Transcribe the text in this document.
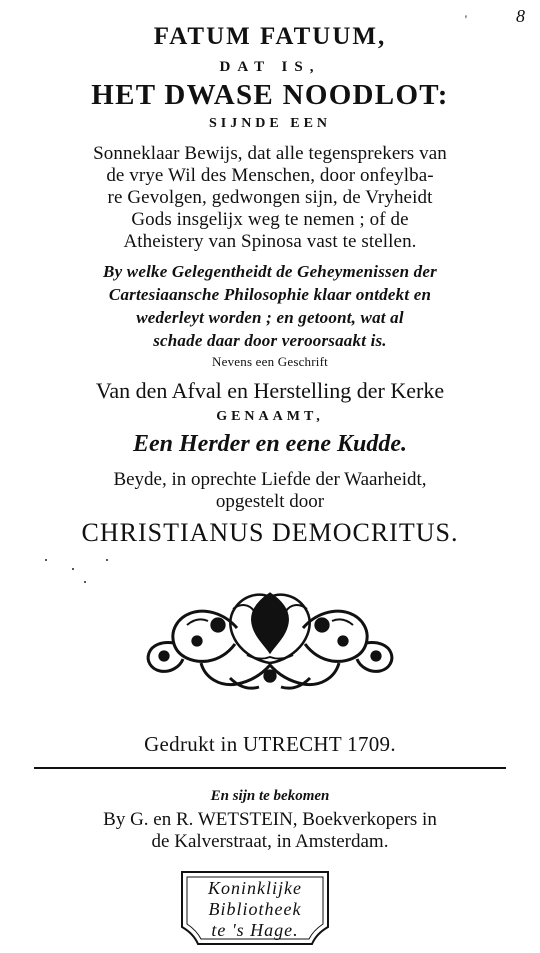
8
'
FATUM FATUUM,
DAT IS,
HET DWASE NOODLOT:
SIJNDE EEN
Sonneklaar Bewijs, dat alle tegensprekers van
de vrye Wil des Menschen, door onfeylba-
re Gevolgen, gedwongen sijn, de Vryheidt
Gods insgelijx weg te nemen ; of de
Atheistery van Spinosa vast te stellen.
By welke Gelegentheidt de Geheymenissen der
Cartesiaansche Philosophie klaar ontdekt en
wederleyt worden ; en getoont, wat al
schade daar door veroorsaakt is.
Nevens een Geschrift
Van den Afval en Herstelling der Kerke
GENAAMT,
Een Herder en eene Kudde.
Beyde, in oprechte Liefde der Waarheidt,
opgestelt door
CHRISTIANUS DEMOCRITUS.
Gedrukt in UTRECHT 1709.
En sijn te bekomen
By G. en R. WETSTEIN, Boekverkopers in
de Kalverstraat, in Amsterdam.
Koninklijke
Bibliotheek
te 's Hage.
